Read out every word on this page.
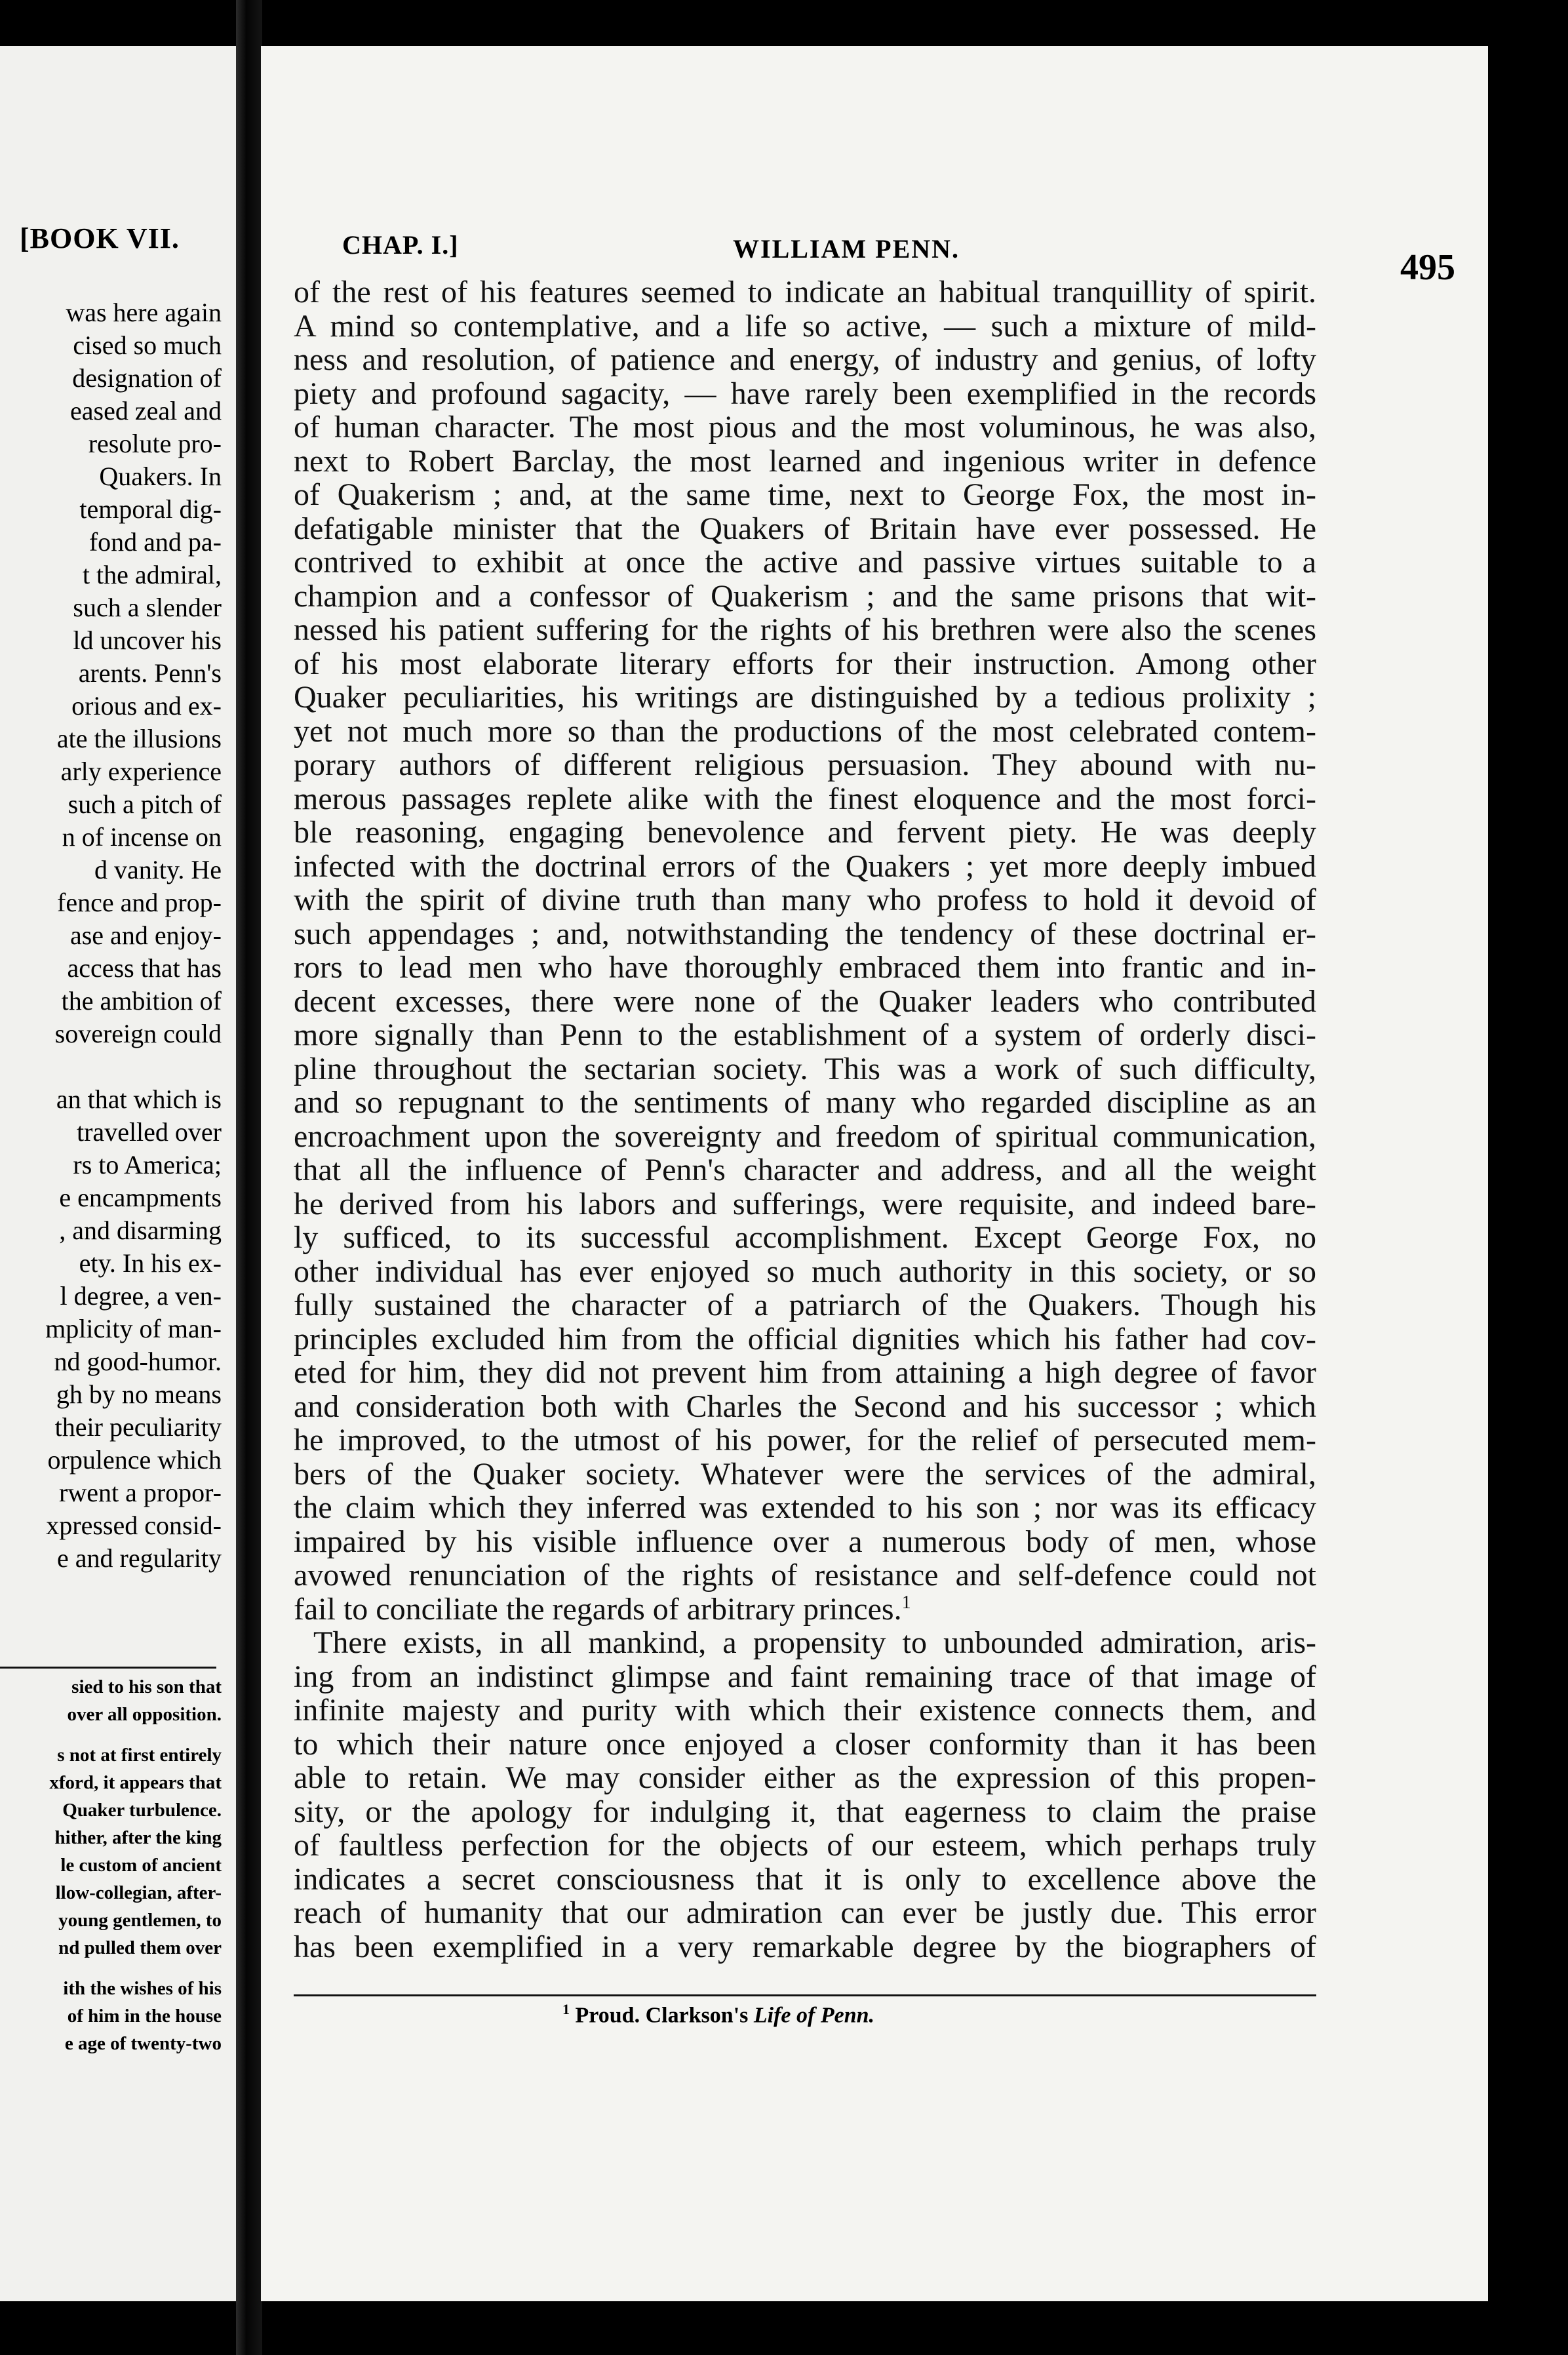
[BOOK VII.
was here again
cised so much
designation of
eased zeal and
resolute pro-
Quakers. In
temporal dig-
fond and pa-
t the admiral,
such a slender
ld uncover his
arents. Penn's
orious and ex-
ate the illusions
arly experience
such a pitch of
n of incense on
d vanity. He
fence and prop-
ase and enjoy-
access that has
the ambition of
sovereign could

an that which is
travelled over
rs to America;
e encampments
, and disarming
ety. In his ex-
l degree, a ven-
mplicity of man-
nd good-humor.
gh by no means
their peculiarity
orpulence which
rwent a propor-
xpressed consid-
e and regularity
sied to his son that
over all opposition.
s not at first entirely
xford, it appears that
Quaker turbulence.
hither, after the king
le custom of ancient
llow-collegian, after-
young gentlemen, to
nd pulled them over
ith the wishes of his
of him in the house
e age of twenty-two
CHAP. I.]	WILLIAM PENN.	495
of the rest of his features seemed to indicate an habitual tranquillity of spirit.
A mind so contemplative, and a life so active, — such a mixture of mild-
ness and resolution, of patience and energy, of industry and genius, of lofty
piety and profound sagacity, — have rarely been exemplified in the records
of human character. The most pious and the most voluminous, he was also,
next to Robert Barclay, the most learned and ingenious writer in defence
of Quakerism ; and, at the same time, next to George Fox, the most in-
defatigable minister that the Quakers of Britain have ever possessed. He
contrived to exhibit at once the active and passive virtues suitable to a
champion and a confessor of Quakerism ; and the same prisons that wit-
nessed his patient suffering for the rights of his brethren were also the scenes
of his most elaborate literary efforts for their instruction. Among other
Quaker peculiarities, his writings are distinguished by a tedious prolixity ;
yet not much more so than the productions of the most celebrated contem-
porary authors of different religious persuasion. They abound with nu-
merous passages replete alike with the finest eloquence and the most forci-
ble reasoning, engaging benevolence and fervent piety. He was deeply
infected with the doctrinal errors of the Quakers ; yet more deeply imbued
with the spirit of divine truth than many who profess to hold it devoid of
such appendages ; and, notwithstanding the tendency of these doctrinal er-
rors to lead men who have thoroughly embraced them into frantic and in-
decent excesses, there were none of the Quaker leaders who contributed
more signally than Penn to the establishment of a system of orderly disci-
pline throughout the sectarian society. This was a work of such difficulty,
and so repugnant to the sentiments of many who regarded discipline as an
encroachment upon the sovereignty and freedom of spiritual communication,
that all the influence of Penn's character and address, and all the weight
he derived from his labors and sufferings, were requisite, and indeed bare-
ly sufficed, to its successful accomplishment. Except George Fox, no
other individual has ever enjoyed so much authority in this society, or so
fully sustained the character of a patriarch of the Quakers. Though his
principles excluded him from the official dignities which his father had cov-
eted for him, they did not prevent him from attaining a high degree of favor
and consideration both with Charles the Second and his successor ; which
he improved, to the utmost of his power, for the relief of persecuted mem-
bers of the Quaker society. Whatever were the services of the admiral,
the claim which they inferred was extended to his son ; nor was its efficacy
impaired by his visible influence over a numerous body of men, whose
avowed renunciation of the rights of resistance and self-defence could not
fail to conciliate the regards of arbitrary princes.$^1$
There exists, in all mankind, a propensity to unbounded admiration, aris-
ing from an indistinct glimpse and faint remaining trace of that image of
infinite majesty and purity with which their existence connects them, and
to which their nature once enjoyed a closer conformity than it has been
able to retain. We may consider either as the expression of this propen-
sity, or the apology for indulging it, that eagerness to claim the praise
of faultless perfection for the objects of our esteem, which perhaps truly
indicates a secret consciousness that it is only to excellence above the
reach of humanity that our admiration can ever be justly due. This error
has been exemplified in a very remarkable degree by the biographers of
$^1$ Proud. Clarkson's Life of Penn.
